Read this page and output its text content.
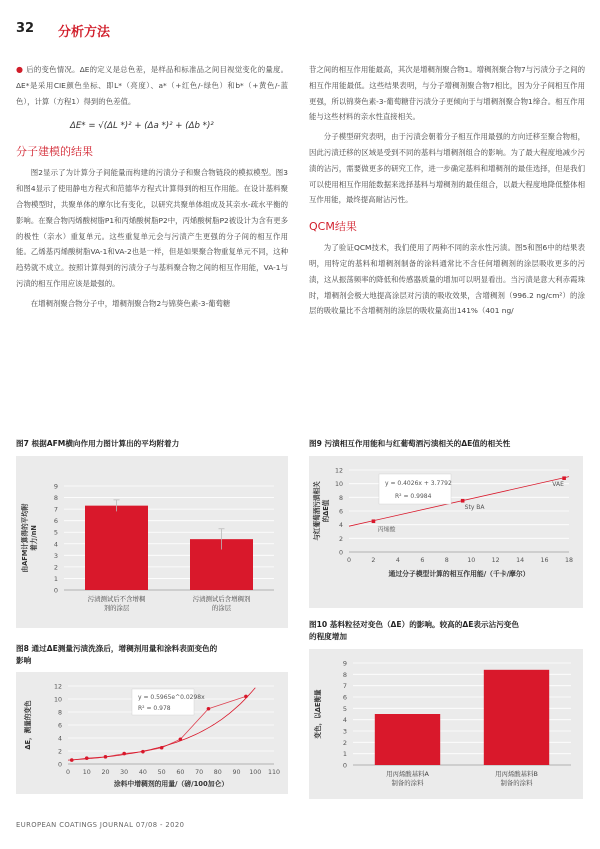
32 分析方法

● 后的变色情况。ΔE的定义是总色差，是样品和标准品之间目视觉变化的量度。ΔE*是采用CIE颜色坐标、即L*（亮度）、a*（+红色/-绿色）和b*（+黄色/-蓝色），计算（方程1）得到的色差值。

ΔE* = √(ΔL *)² + (Δa *)² + (Δb *)²
分子建模的结果

图2显示了为计算分子间能量而构建的污渍分子和聚合物链段的模拟模型。图3和图4显示了使用静电方程式和范德华方程式计算得到的相互作用能。在设计基料聚合物模型时，共聚单体的摩尔比有变化，以研究共聚单体组成及其亲水-疏水平衡的影响。在聚合物丙烯酸树脂P1和丙烯酸树脂P2中，丙烯酸树脂P2被设计为含有更多的极性（亲水）重复单元。这些重复单元会与污渍产生更强的分子间的相互作用能。乙烯基丙烯酸树脂VA-1和VA-2也是一样，但是如果聚合物重复单元不同，这种趋势就不成立。按照计算得到的污渍分子与基料聚合物之间的相互作用能，VA-1与污渍的相互作用应该是最强的。

在增稠剂聚合物分子中，增稠剂聚合物2与锦葵色素-3-葡萄糖

苷之间的相互作用能最高，其次是增稠剂聚合物1。增稠剂聚合物7与污渍分子之间的相互作用能最低。这些结果表明，与分子增稠剂聚合物7相比，因为分子间相互作用更强，所以锦葵色素-3-葡萄糖苷污渍分子更倾向于与增稠剂聚合物1缔合。相互作用能与这些材料的亲水性直接相关。

分子模型研究表明，由于污渍会朝着分子相互作用最强的方向迁移至聚合物相，因此污渍迁移的区域是受到不同的基料与增稠剂组合的影响。为了最大程度地减少污渍的沾污，需要做更多的研究工作，进一步确定基料和增稠剂的最佳选择，但是我们可以使用相互作用能数据来选择基料与增稠剂的最佳组合，以最大程度地降低整体相互作用能，最终提高耐沾污性。

QCM结果

为了验证QCM技术，我们使用了两种不同的亲水性污渍。图5和图6中的结果表明，用特定的基料和增稠剂制备的涂料通常比不含任何增稠剂的涂层吸收更多的污渍，这从振荡频率的降低和传感器质量的增加可以明显看出。当污渍是意大利赤霞珠时，增稠剂会极大地提高涂层对污渍的吸收效果，含增稠剂（996.2 ng/cm²）的涂层的吸收量比不含增稠剂的涂层的吸收量高出141%（401 ng/

图7 根据AFM横向作用力图计算出的平均附着力
0
1
2
3
4
5
6
7
8
9
污渍测试后不含增稠
剂的涂层
污渍测试后含增稠剂
的涂层
由AFM计算得的平均附 着力/nN
图8 通过ΔE测量污渍洗涤后，增稠剂用量和涂料表面变色的
影响
0
2
4
6
8
10
12
0 10 20 30 40 50 60 70 80 90 100 110
y = 0.5965e^0.0298x
R² = 0.978
ΔE，测量的变色
涂料中增稠剂的用量/（磅/100加仑）
图9 污渍相互作用能和与红葡萄酒污渍相关的ΔE值的相关性
0
2
4
6
8
10
12
0	2	4	6	8	10	12	14	16	18
丙烯酸
Sty BA
VAE
y = 0.4026x + 3.7792
R² = 0.9984
与红葡萄酒污渍相关 的ΔE值
通过分子模型计算的相互作用能/（千卡/摩尔）
图10 基料粒径对变色（ΔE）的影响。较高的ΔE表示沾污变色
的程度增加
0
1
2
3
4
5
6
7
8
9
用丙烯酸基料A
制备的涂料
用丙烯酸基料B
制备的涂料
变色，以ΔE衡量
EUROPEAN COATINGS JOURNAL 07/08 - 2020
